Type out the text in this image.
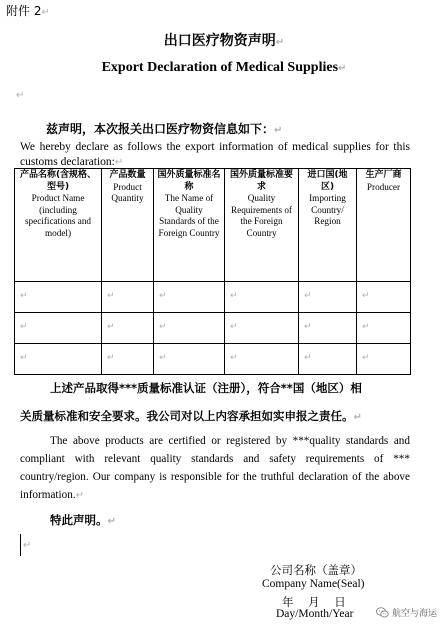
附件 2↵
出口医疗物资声明↵
Export Declaration of Medical Supplies↵
↵
兹声明，本次报关出口医疗物资信息如下：↵
We hereby declare as follows the export information of medical supplies for this customs declaration:↵
产品名称(含规格、型号)
Product Name (including specifications and model)	产品数量
Product Quantity	国外质量标准名称
The Name of Quality Standards of the Foreign Country	国外质量标准要求
Quality Requirements of the Foreign Country	进口国(地区)
Importing Country/ Region	生产厂商
Producer

↵	↵	↵	↵	↵	↵
↵	↵	↵	↵	↵	↵
↵	↵	↵	↵	↵	↵
上述产品取得***质量标准认证（注册），符合**国（地区）相
关质量标准和安全要求。我公司对以上内容承担如实申报之责任。↵
The above products are certified or registered by ***quality standards and compliant with relevant quality standards and safety requirements of *** country/region. Our company is responsible for the truthful declaration of the above information.↵
特此声明。↵
↵
公司名称（盖章）
Company Name(Seal)
年    月    日
Day/Month/Year	航空与海运
